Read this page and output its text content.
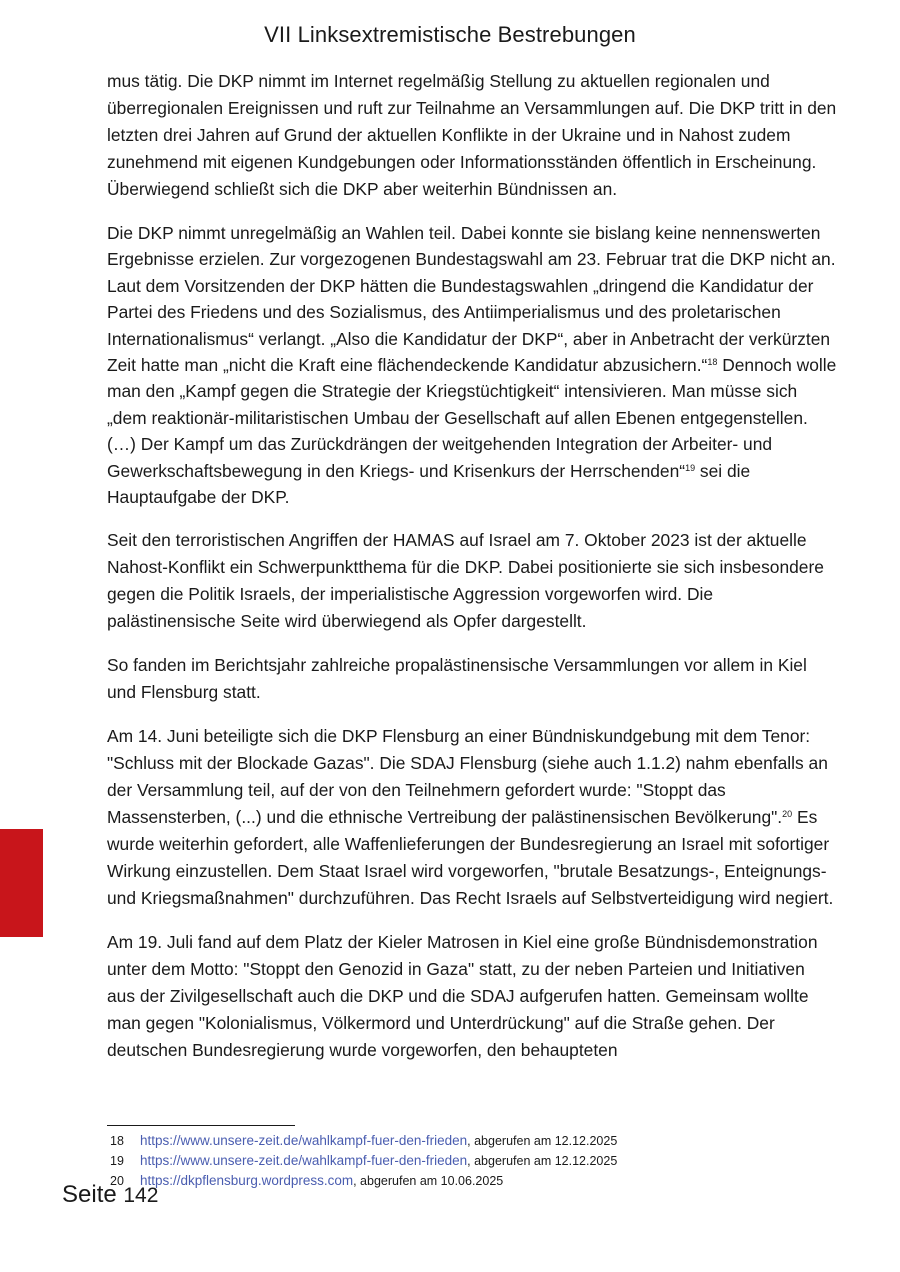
VII Linksextremistische Bestrebungen

mus tätig. Die DKP nimmt im Internet regelmäßig Stellung zu aktuellen regionalen und überregionalen Ereignissen und ruft zur Teilnahme an Versammlungen auf. Die DKP tritt in den letzten drei Jahren auf Grund der aktuellen Konflikte in der Ukraine und in Nahost zudem zunehmend mit eigenen Kundgebungen oder Informationsständen öffentlich in Erscheinung. Überwiegend schließt sich die DKP aber weiterhin Bündnissen an.

Die DKP nimmt unregelmäßig an Wahlen teil. Dabei konnte sie bislang keine nennenswerten Ergebnisse erzielen. Zur vorgezogenen Bundestagswahl am 23. Februar trat die DKP nicht an. Laut dem Vorsitzenden der DKP hätten die Bundestagswahlen „dringend die Kandidatur der Partei des Friedens und des Sozialismus, des Antiimperialismus und des proletarischen Internationalismus“ verlangt. „Also die Kandidatur der DKP“, aber in Anbetracht der verkürzten Zeit hatte man „nicht die Kraft eine flächendeckende Kandidatur abzusichern.“$^{18}$ Dennoch wolle man den „Kampf gegen die Strategie der Kriegstüchtigkeit“ intensivieren. Man müsse sich „dem reaktionär-militaristischen Umbau der Gesellschaft auf allen Ebenen entgegenstellen. (…) Der Kampf um das Zurückdrängen der weitgehenden Integration der Arbeiter- und Gewerkschaftsbewegung in den Kriegs- und Krisenkurs der Herrschenden“$^{19}$ sei die Hauptaufgabe der DKP.

Seit den terroristischen Angriffen der HAMAS auf Israel am 7. Oktober 2023 ist der aktuelle Nahost-Konflikt ein Schwerpunktthema für die DKP. Dabei positionierte sie sich insbesondere gegen die Politik Israels, der imperialistische Aggression vorgeworfen wird. Die palästinensische Seite wird überwiegend als Opfer dargestellt.

So fanden im Berichtsjahr zahlreiche propalästinensische Versammlungen vor allem in Kiel und Flensburg statt.

Am 14. Juni beteiligte sich die DKP Flensburg an einer Bündniskundgebung mit dem Tenor: "Schluss mit der Blockade Gazas". Die SDAJ Flensburg (siehe auch 1.1.2) nahm ebenfalls an der Versammlung teil, auf der von den Teilnehmern gefordert wurde: "Stoppt das Massensterben, (...) und die ethnische Vertreibung der palästinensischen Bevölkerung".$^{20}$ Es wurde weiterhin gefordert, alle Waffenlieferungen der Bundesregierung an Israel mit sofortiger Wirkung einzustellen. Dem Staat Israel wird vorgeworfen, "brutale Besatzungs-, Enteignungs- und Kriegsmaßnahmen" durchzuführen. Das Recht Israels auf Selbstverteidigung wird negiert.

Am 19. Juli fand auf dem Platz der Kieler Matrosen in Kiel eine große Bündnisdemonstration unter dem Motto: "Stoppt den Genozid in Gaza" statt, zu der neben Parteien und Initiativen aus der Zivilgesellschaft auch die DKP und die SDAJ aufgerufen hatten. Gemeinsam wollte man gegen "Kolonialismus, Völkermord und Unterdrückung" auf die Straße gehen. Der deutschen Bundesregierung wurde vorgeworfen, den behaupteten

18 https://www.unsere-zeit.de/wahlkampf-fuer-den-frieden, abgerufen am 12.12.2025
19 https://www.unsere-zeit.de/wahlkampf-fuer-den-frieden, abgerufen am 12.12.2025
20 https://dkpflensburg.wordpress.com, abgerufen am 10.06.2025
Seite 142
